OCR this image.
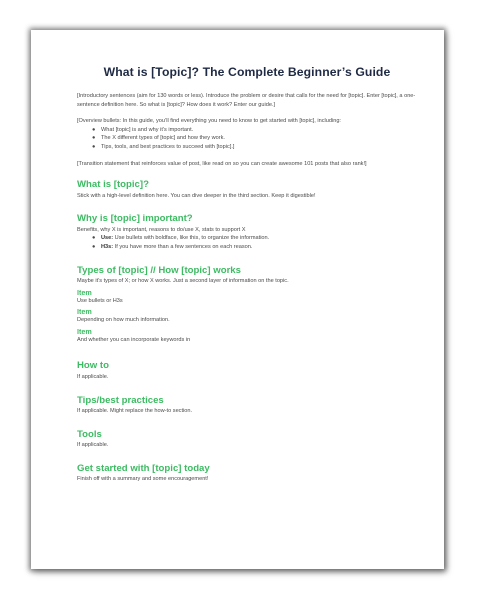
What is [Topic]? The Complete Beginner’s Guide

[Introductory sentences (aim for 130 words or less). Introduce the problem or desire that calls for the need for [topic]. Enter [topic], a one-sentence definition here. So what is [topic]? How does it work? Enter our guide.]

[Overview bullets: In this guide, you’ll find everything you need to know to get started with [topic], including:

● What [topic] is and why it’s important.
● The X different types of [topic] and how they work.
● Tips, tools, and best practices to succeed with [topic].]

[Transition statement that reinforces value of post, like read on so you can create awesome 101 posts that also rank!]

What is [topic]?

Stick with a high-level definition here. You can dive deeper in the third section. Keep it digestible!

Why is [topic] important?

Benefits, why X is important, reasons to do/use X, stats to support X

● Use: Use bullets with boldface, like this, to organize the information.
● H3s: If you have more than a few sentences on each reason.
Types of [topic] // How [topic] works

Maybe it’s types of X; or how X works. Just a second layer of information on the topic.

Item

Use bullets or H3s

Item

Depending on how much information.

Item

And whether you can incorporate keywords in

How to

If applicable.

Tips/best practices

If applicable. Might replace the how-to section.

Tools

If applicable.

Get started with [topic] today

Finish off with a summary and some encouragement!
